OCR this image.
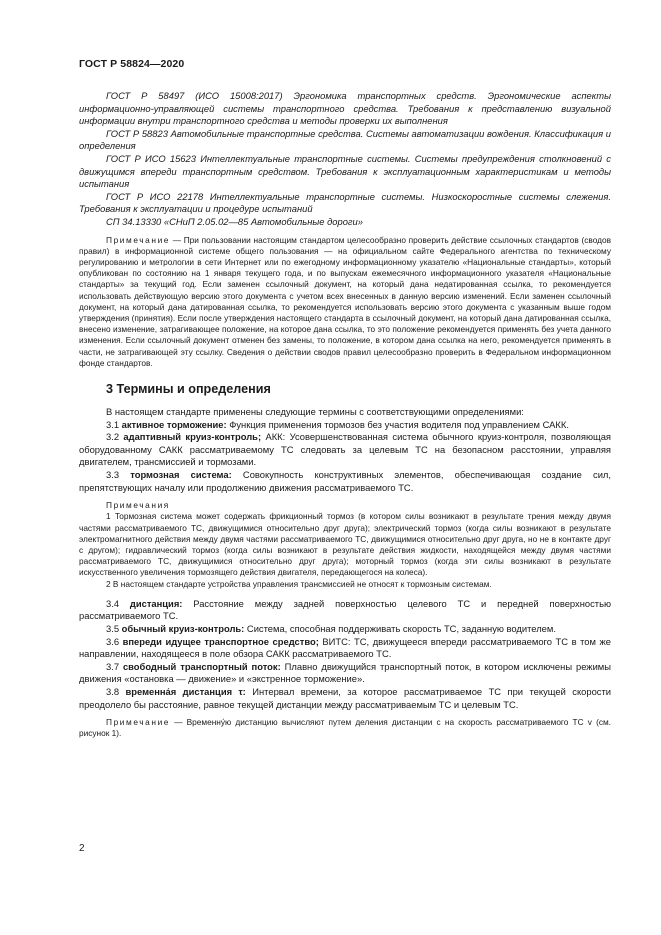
ГОСТ Р 58824—2020

ГОСТ Р 58497 (ИСО 15008:2017) Эргономика транспортных средств. Эргономические аспекты информационно-управляющей системы транспортного средства. Требования к представлению визуальной информации внутри транспортного средства и методы проверки их выполнения

ГОСТ Р 58823 Автомобильные транспортные средства. Системы автоматизации вождения. Классификация и определения

ГОСТ Р ИСО 15623 Интеллектуальные транспортные системы. Системы предупреждения столкновений с движущимся впереди транспортным средством. Требования к эксплуатационным характеристикам и методы испытания

ГОСТ Р ИСО 22178 Интеллектуальные транспортные системы. Низкоскоростные системы слежения. Требования к эксплуатации и процедуре испытаний

СП 34.13330 «СНиП 2.05.02—85 Автомобильные дороги»

Примечание — При пользовании настоящим стандартом целесообразно проверить действие ссылочных стандартов (сводов правил) в информационной системе общего пользования — на официальном сайте Федерального агентства по техническому регулированию и метрологии в сети Интернет или по ежегодному информационному указателю «Национальные стандарты», который опубликован по состоянию на 1 января текущего года, и по выпускам ежемесячного информационного указателя «Национальные стандарты» за текущий год. Если заменен ссылочный документ, на который дана недатированная ссылка, то рекомендуется использовать действующую версию этого документа с учетом всех внесенных в данную версию изменений. Если заменен ссылочный документ, на который дана датированная ссылка, то рекомендуется использовать версию этого документа с указанным выше годом утверждения (принятия). Если после утверждения настоящего стандарта в ссылочный документ, на который дана датированная ссылка, внесено изменение, затрагивающее положение, на которое дана ссылка, то это положение рекомендуется применять без учета данного изменения. Если ссылочный документ отменен без замены, то положение, в котором дана ссылка на него, рекомендуется применять в части, не затрагивающей эту ссылку. Сведения о действии сводов правил целесообразно проверить в Федеральном информационном фонде стандартов.

3 Термины и определения

В настоящем стандарте применены следующие термины с соответствующими определениями:

3.1 активное торможение: Функция применения тормозов без участия водителя под управлением САКК.

3.2 адаптивный круиз-контроль; АКК: Усовершенствованная система обычного круиз-контроля, позволяющая оборудованному САКК рассматриваемому ТС следовать за целевым ТС на безопасном расстоянии, управляя двигателем, трансмиссией и тормозами.

3.3 тормозная система: Совокупность конструктивных элементов, обеспечивающая создание сил, препятствующих началу или продолжению движения рассматриваемого ТС.

Примечания

1 Тормозная система может содержать фрикционный тормоз (в котором силы возникают в результате трения между двумя частями рассматриваемого ТС, движущимися относительно друг друга); электрический тормоз (когда силы возникают в результате электромагнитного действия между двумя частями рассматриваемого ТС, движущимися относительно друг друга, но не в контакте друг с другом); гидравлический тормоз (когда силы возникают в результате действия жидкости, находящейся между двумя частями рассматриваемого ТС, движущимися относительно друг друга); моторный тормоз (когда эти силы возникают в результате искусственного увеличения тормозящего действия двигателя, передающегося на колеса).

2 В настоящем стандарте устройства управления трансмиссией не относят к тормозным системам.

3.4 дистанция: Расстояние между задней поверхностью целевого ТС и передней поверхностью рассматриваемого ТС.

3.5 обычный круиз-контроль: Система, способная поддерживать скорость ТС, заданную водителем.

3.6 впереди идущее транспортное средство; ВИТС: ТС, движущееся впереди рассматриваемого ТС в том же направлении, находящееся в поле обзора САКК рассматриваемого ТС.

3.7 свободный транспортный поток: Плавно движущийся транспортный поток, в котором исключены режимы движения «остановка — движение» и «экстренное торможение».

3.8 временна́я дистанция τ: Интервал времени, за которое рассматриваемое ТС при текущей скорости преодолело бы расстояние, равное текущей дистанции между рассматриваемым ТС и целевым ТС.

Примечание — Временну́ю дистанцию вычисляют путем деления дистанции c на скорость рассматриваемого ТС v (см. рисунок 1).

2
